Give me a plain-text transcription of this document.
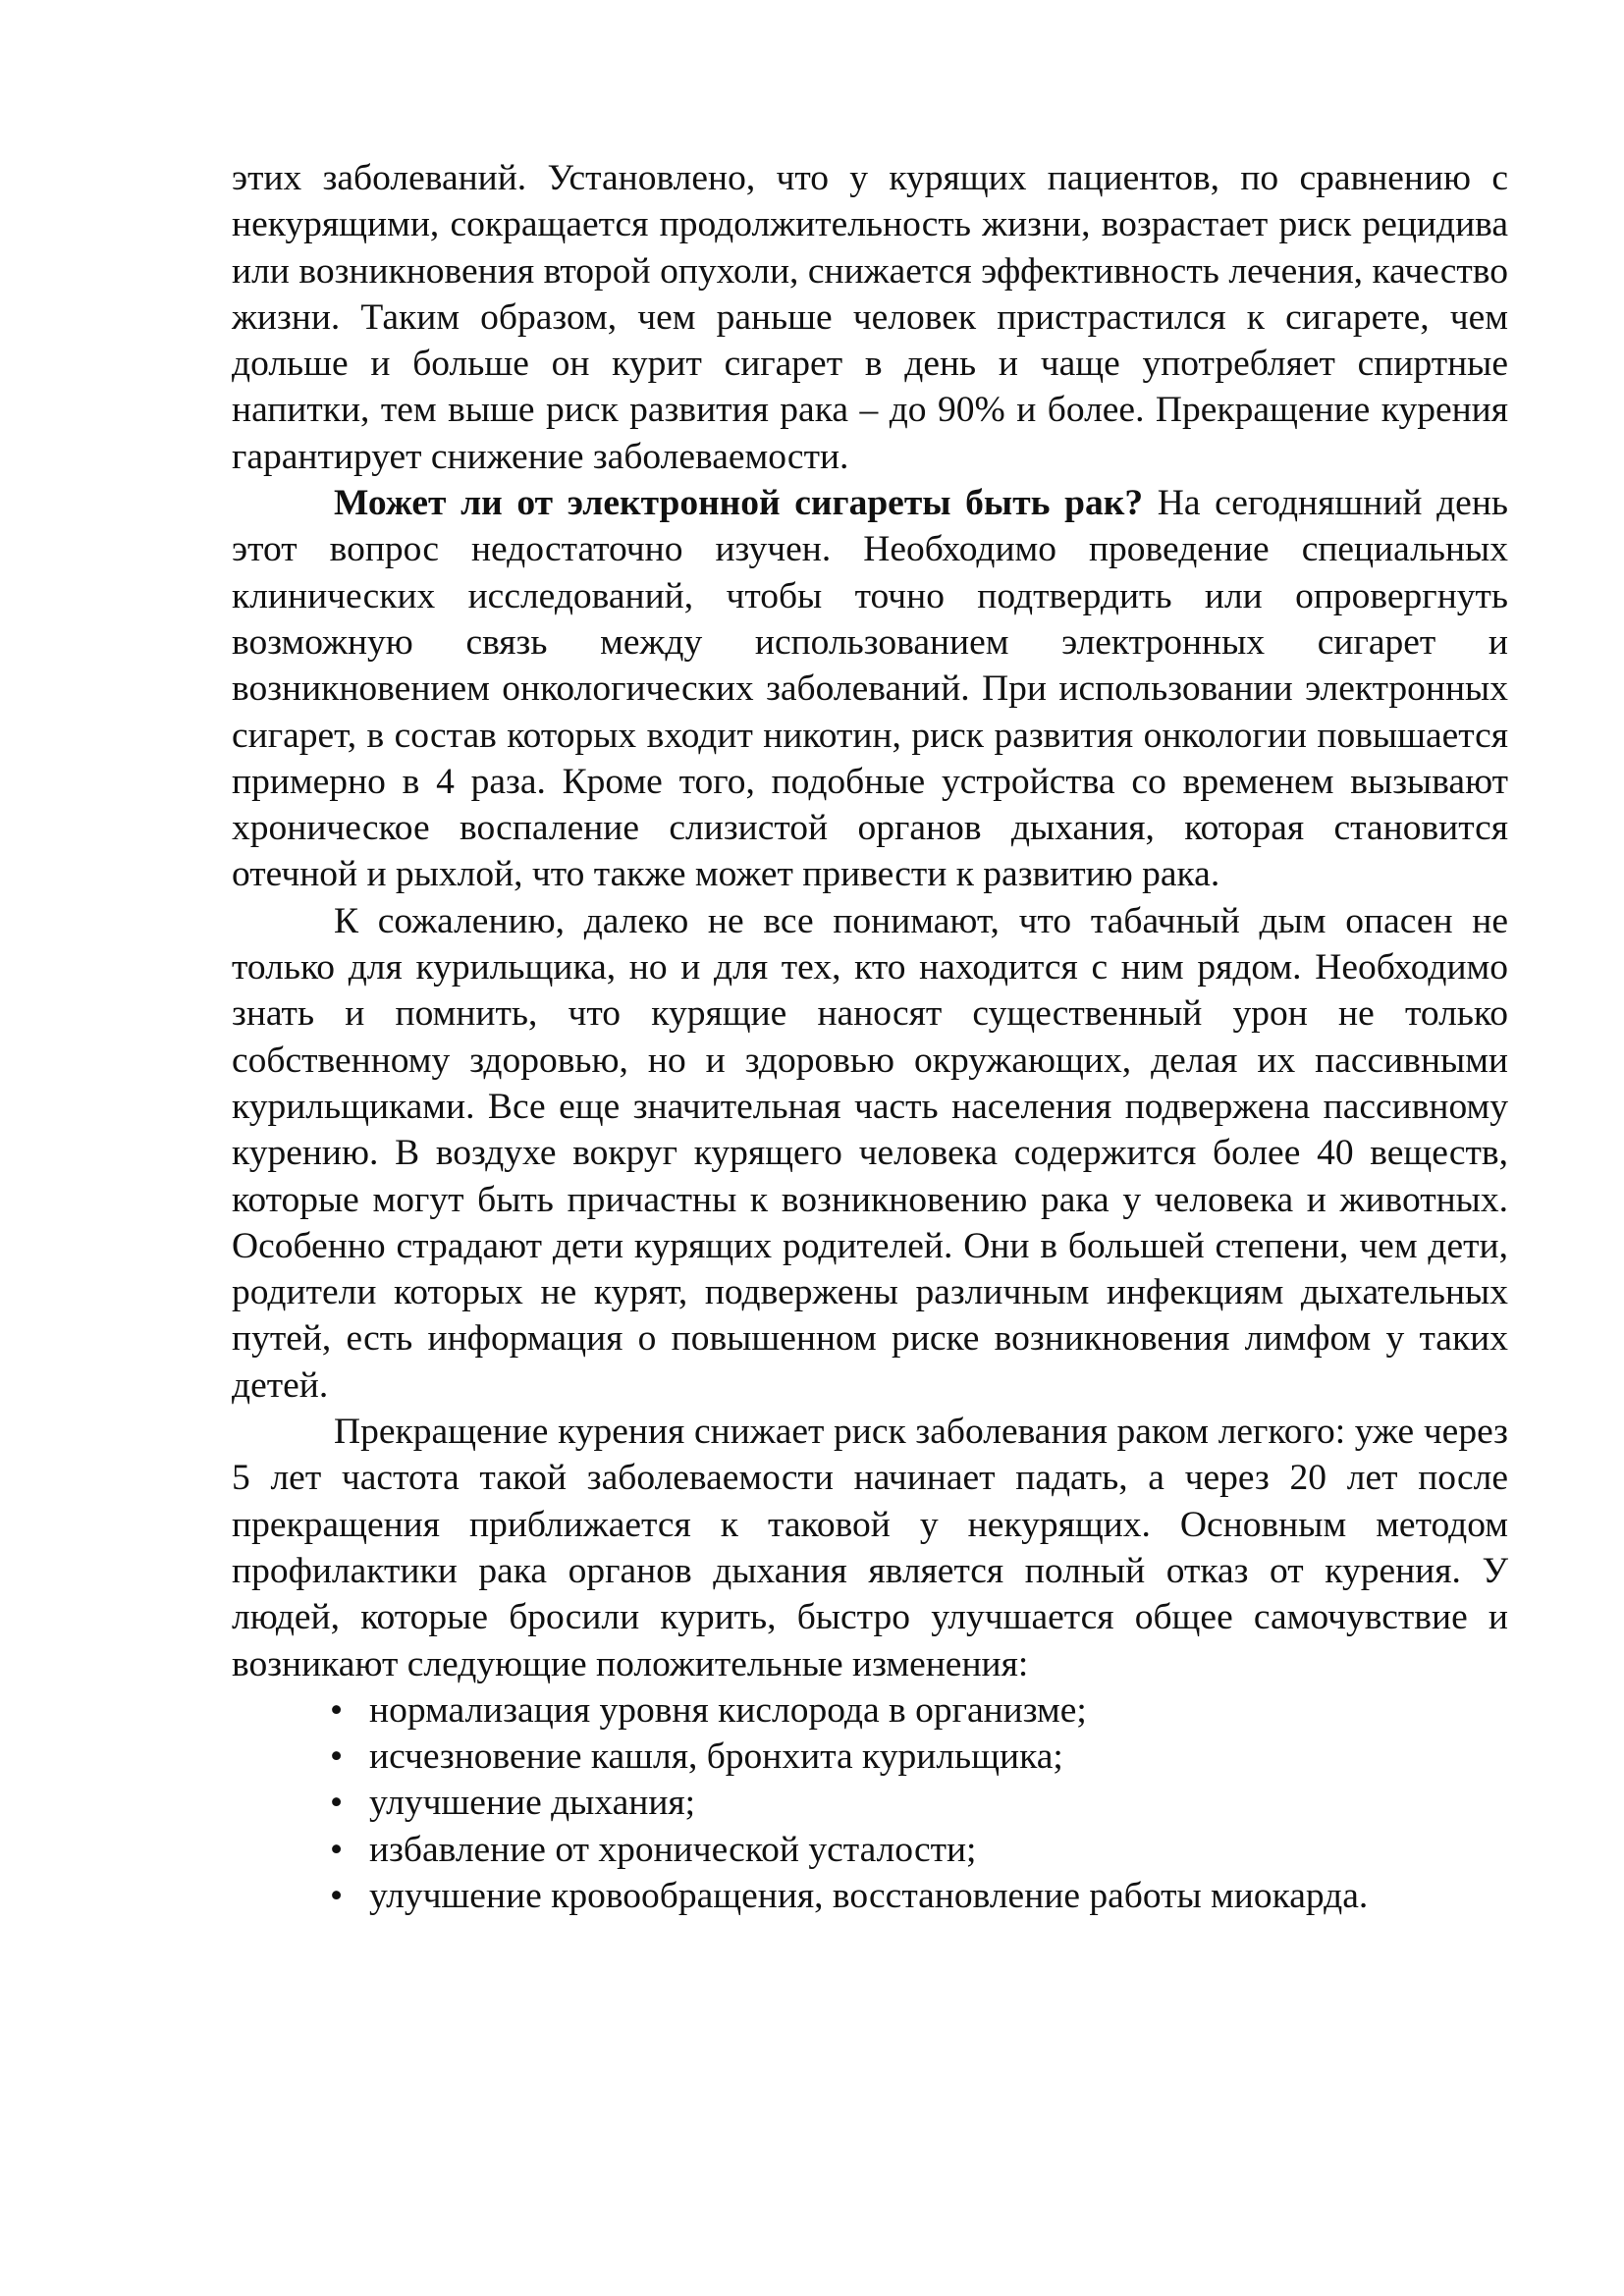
этих заболеваний. Установлено, что у курящих пациентов, по сравнению с некурящими, сокращается продолжительность жизни, возрастает риск рецидива или возникновения второй опухоли, снижается эффективность лечения, качество жизни. Таким образом, чем раньше человек пристрастился к сигарете, чем дольше и больше он курит сигарет в день и чаще употребляет спиртные напитки, тем выше риск развития рака – до 90% и более. Прекращение курения гарантирует снижение заболеваемости.

Может ли от электронной сигареты быть рак? На сегодняшний день этот вопрос недостаточно изучен. Необходимо проведение специальных клинических исследований, чтобы точно подтвердить или опровергнуть возможную связь между использованием электронных сигарет и возникновением онкологических заболеваний. При использовании электронных сигарет, в состав которых входит никотин, риск развития онкологии повышается примерно в 4 раза. Кроме того, подобные устройства со временем вызывают хроническое воспаление слизистой органов дыхания, которая становится отечной и рыхлой, что также может привести к развитию рака.

К сожалению, далеко не все понимают, что табачный дым опасен не только для курильщика, но и для тех, кто находится с ним рядом. Необходимо знать и помнить, что курящие наносят существенный урон не только собственному здоровью, но и здоровью окружающих, делая их пассивными курильщиками. Все еще значительная часть населения подвержена пассивному курению. В воздухе вокруг курящего человека содержится более 40 веществ, которые могут быть причастны к возникновению рака у человека и животных. Особенно страдают дети курящих родителей. Они в большей степени, чем дети, родители которых не курят, подвержены различным инфекциям дыхательных путей, есть информация о повышенном риске возникновения лимфом у таких детей.

Прекращение курения снижает риск заболевания раком легкого: уже через 5 лет частота такой заболеваемости начинает падать, а через 20 лет после прекращения приближается к таковой у некурящих. Основным методом профилактики рака органов дыхания является полный отказ от курения. У людей, которые бросили курить, быстро улучшается общее самочувствие и возникают следующие положительные изменения:

• нормализация уровня кислорода в организме;
• исчезновение кашля, бронхита курильщика;
• улучшение дыхания;
• избавление от хронической усталости;
• улучшение кровообращения, восстановление работы миокарда.
